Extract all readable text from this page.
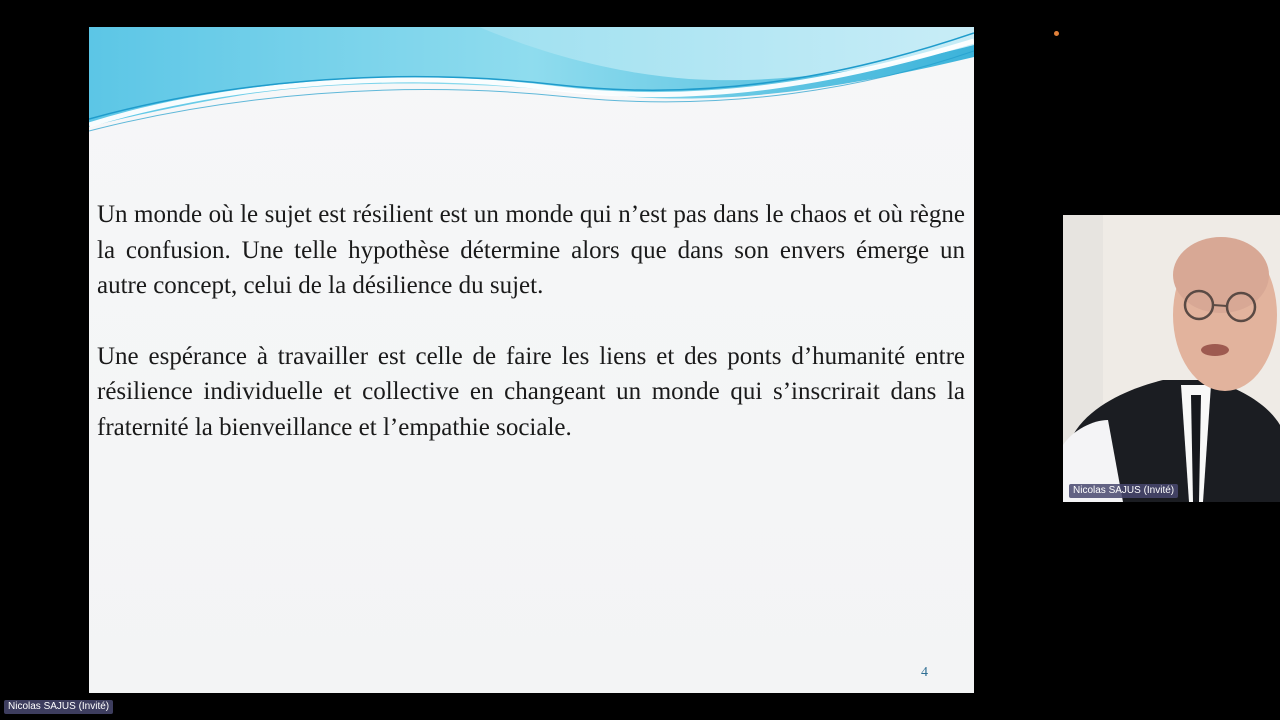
Un monde où le sujet est résilient est un monde qui n’est pas dans le chaos et où règne la confusion. Une telle hypothèse détermine alors que dans son envers émerge un autre concept, celui de la désilience du sujet.

Une espérance à travailler est celle de faire les liens et des ponts d’humanité entre résilience individuelle et collective en changeant un monde qui s’inscrirait dans la fraternité la bienveillance et l’empathie sociale.

4
Nicolas SAJUS (Invité)
Nicolas SAJUS (Invité)
